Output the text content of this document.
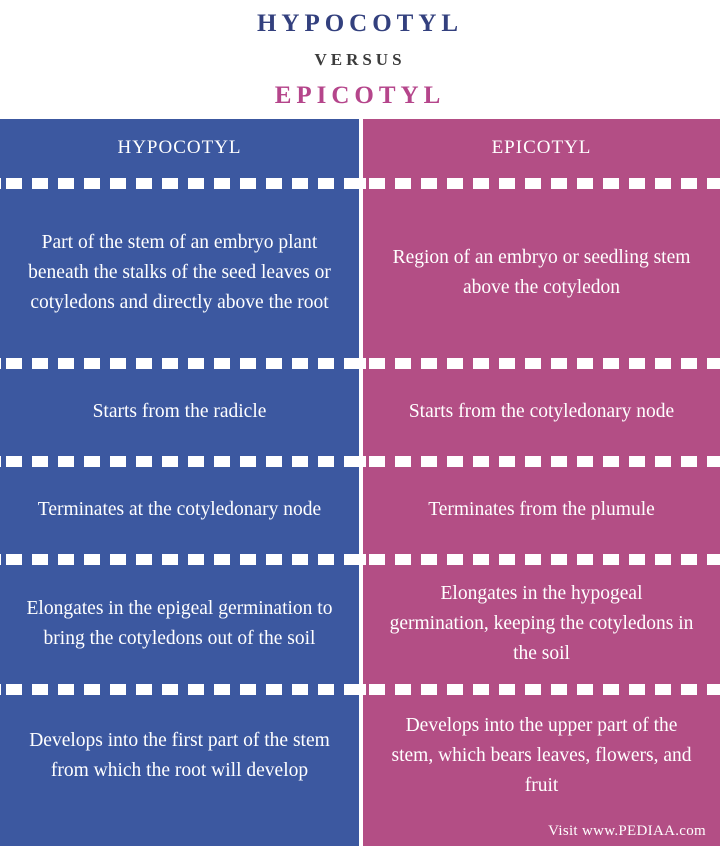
HYPOCOTYL
VERSUS
EPICOTYL
HYPOCOTYL
Part of the stem of an embryo plant beneath the stalks of the seed leaves or cotyledons and directly above the root
Starts from the radicle
Terminates at the cotyledonary node
Elongates in the epigeal germination to bring the cotyledons out of the soil
Develops into the first part of the stem from which the root will develop
EPICOTYL
Region of an embryo or seedling stem above the cotyledon
Starts from the cotyledonary node
Terminates from the plumule
Elongates in the hypogeal germination, keeping the cotyledons in the soil
Develops into the upper part of the stem, which bears leaves, flowers, and fruit
Visit www.PEDIAA.com
